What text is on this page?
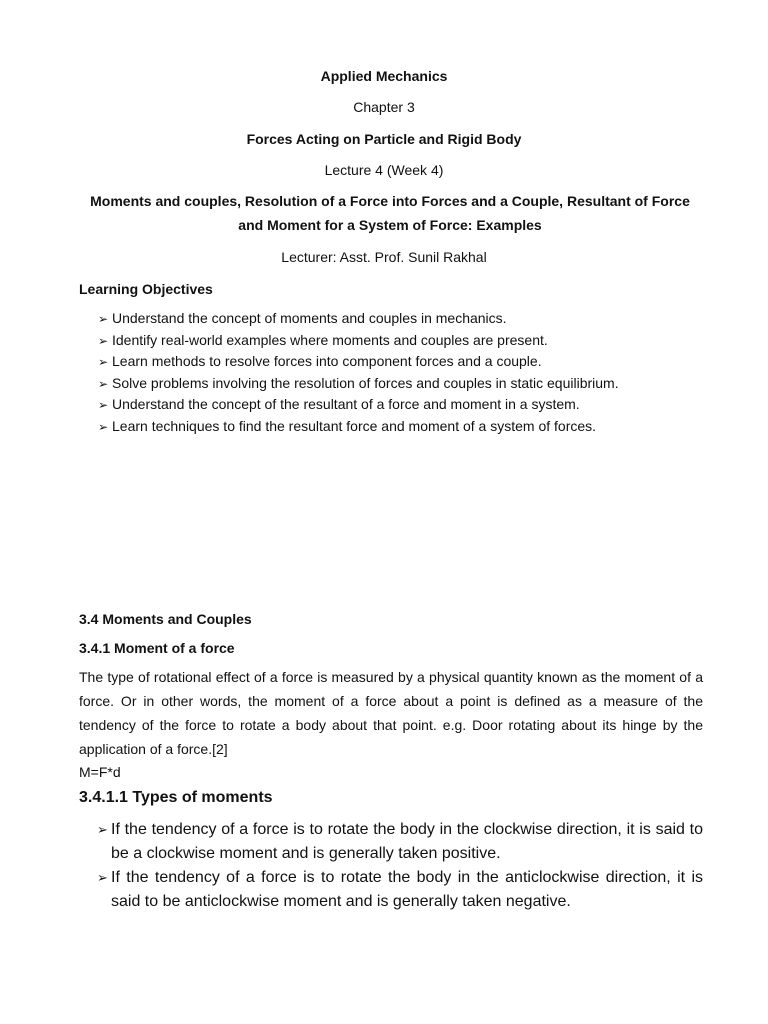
Applied Mechanics
Chapter 3
Forces Acting on Particle and Rigid Body
Lecture 4 (Week 4)
Moments and couples, Resolution of a Force into Forces and a Couple, Resultant of Force
and Moment for a System of Force: Examples
Lecturer: Asst. Prof. Sunil Rakhal
Learning Objectives
➢ Understand the concept of moments and couples in mechanics.
➢ Identify real-world examples where moments and couples are present.
➢ Learn methods to resolve forces into component forces and a couple.
➢ Solve problems involving the resolution of forces and couples in static equilibrium.
➢ Understand the concept of the resultant of a force and moment in a system.
➢ Learn techniques to find the resultant force and moment of a system of forces.
3.4 Moments and Couples
3.4.1 Moment of a force

The type of rotational effect of a force is measured by a physical quantity known as the moment of a force. Or in other words, the moment of a force about a point is defined as a measure of the tendency of the force to rotate a body about that point. e.g. Door rotating about its hinge by the application of a force.[2]

M=F*d
3.4.1.1 Types of moments
➢ If the tendency of a force is to rotate the body in the clockwise direction, it is said to be a clockwise moment and is generally taken positive.
➢ If the tendency of a force is to rotate the body in the anticlockwise direction, it is said to be anticlockwise moment and is generally taken negative.
